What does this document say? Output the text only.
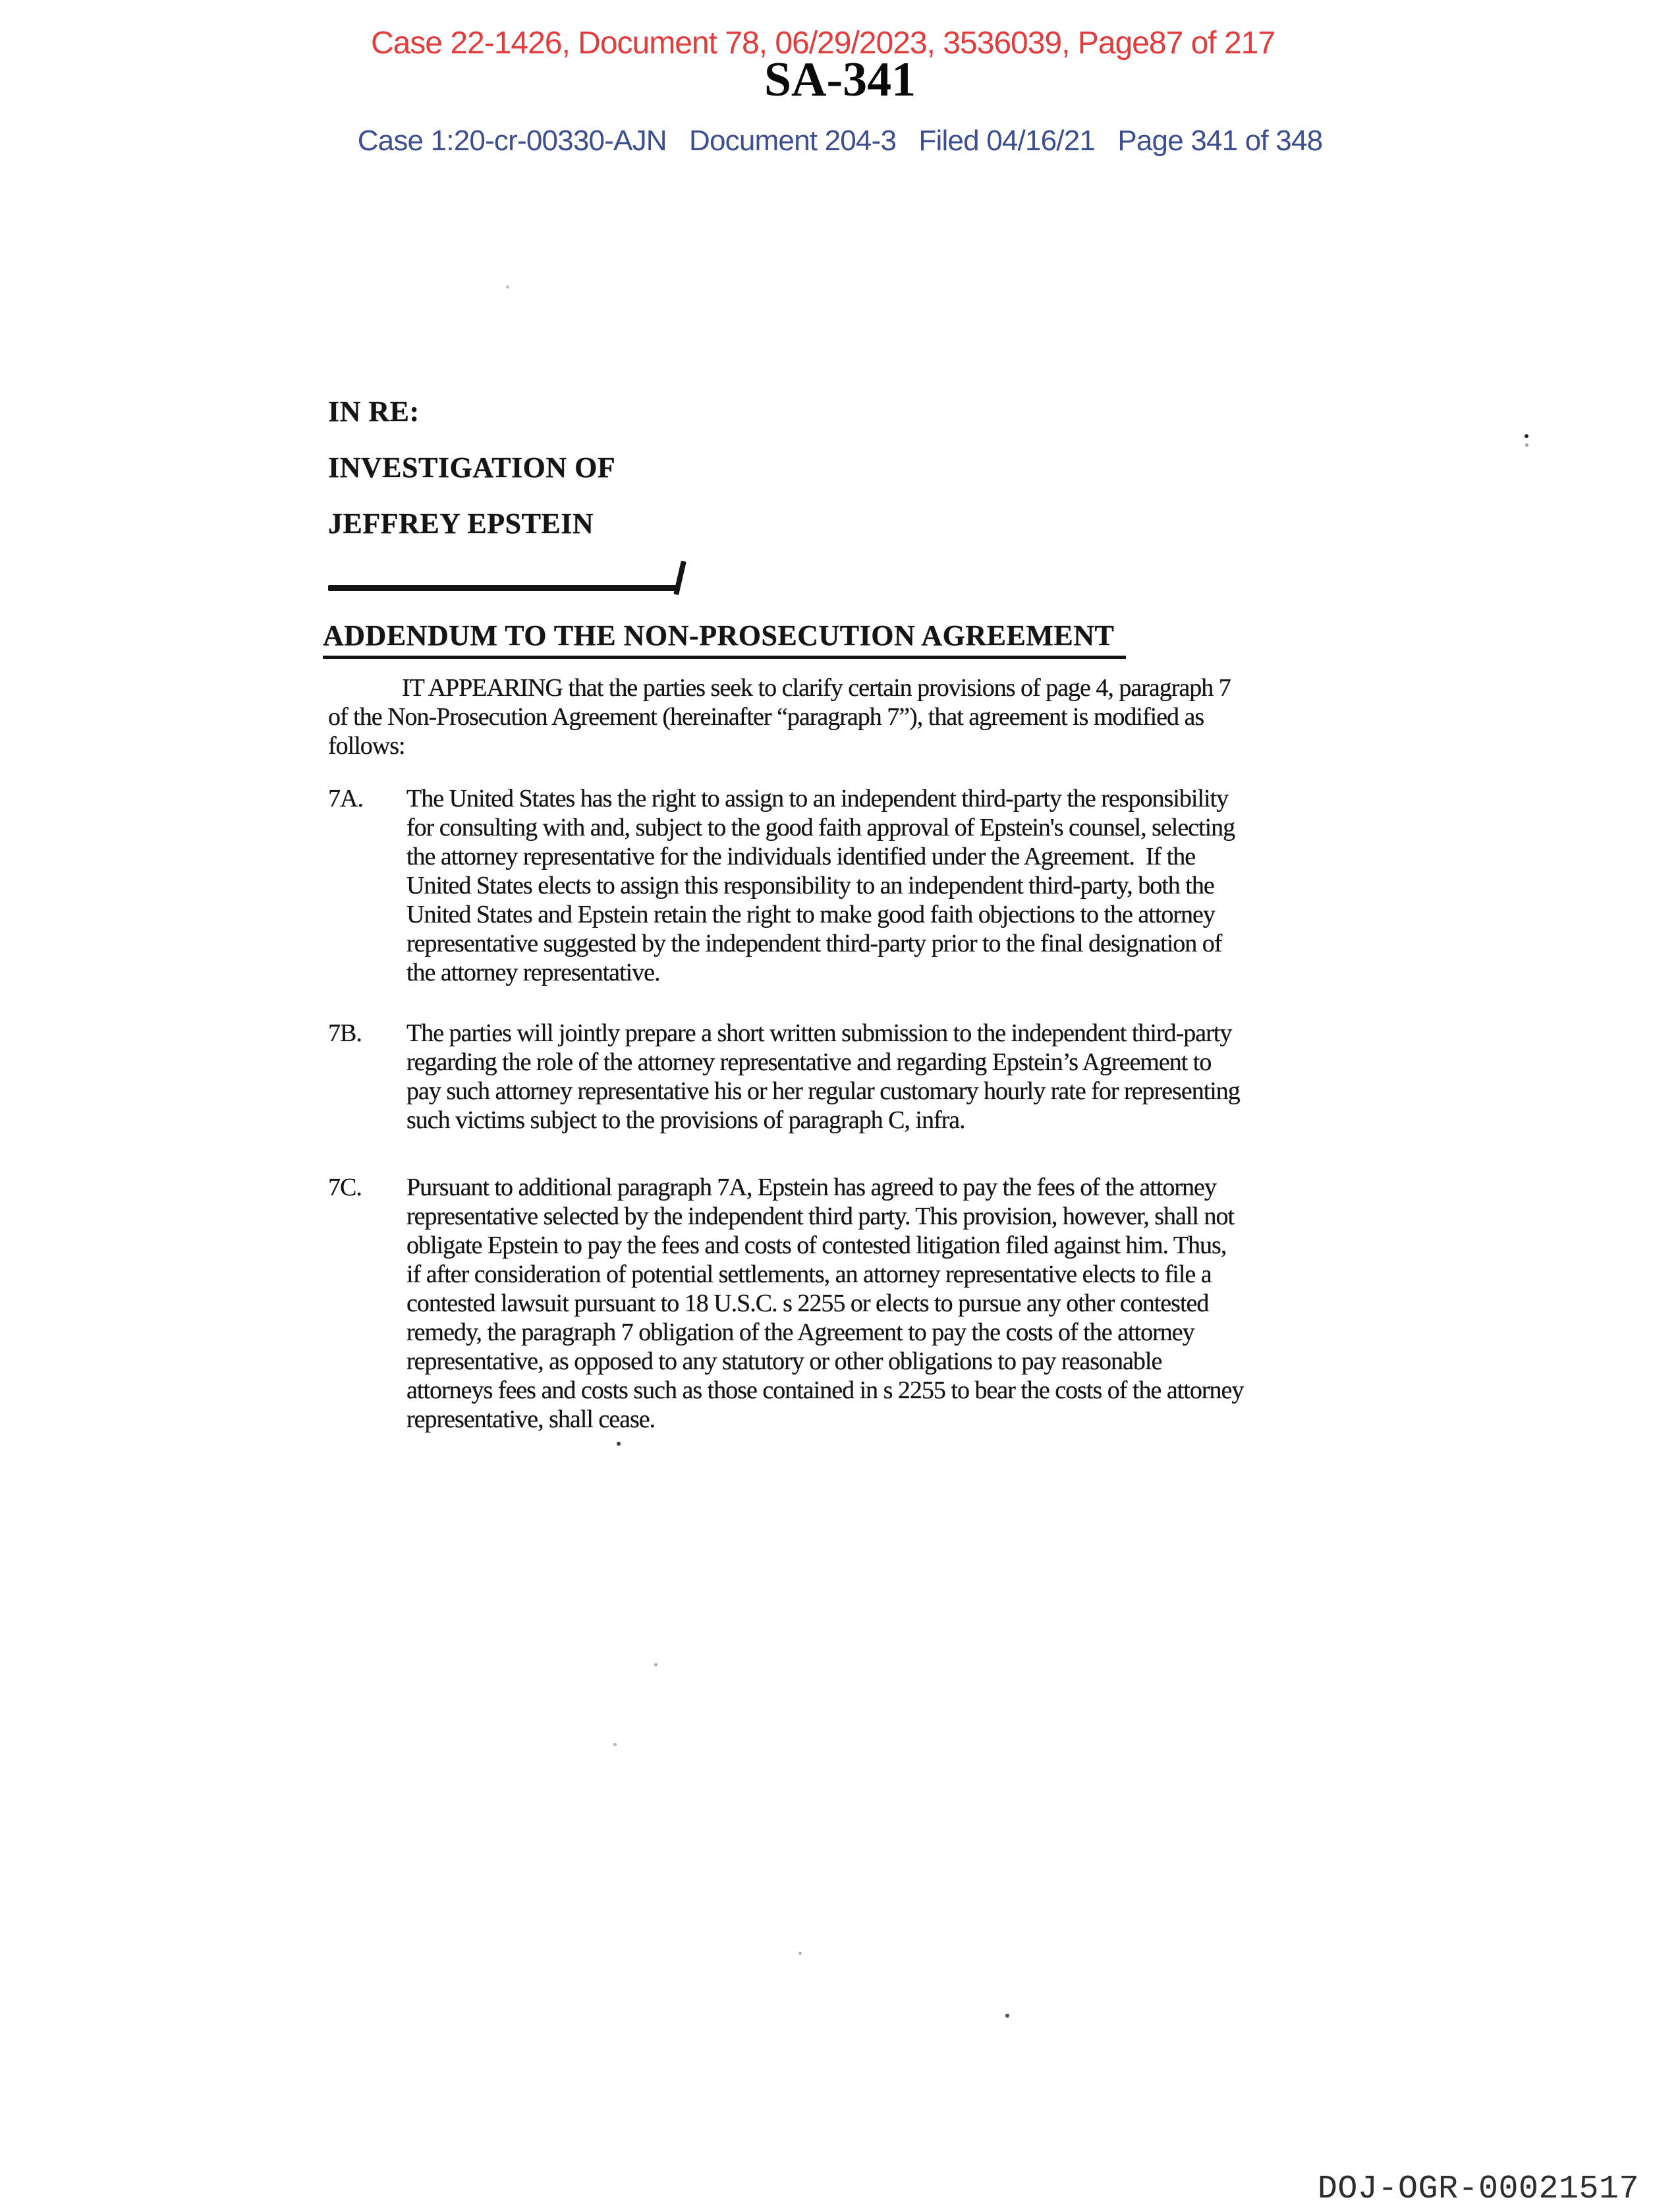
Case 22-1426, Document 78, 06/29/2023, 3536039, Page87 of 217
SA-341
Case 1:20-cr-00330-AJN   Document 204-3   Filed 04/16/21   Page 341 of 348
IN RE:
INVESTIGATION OF
JEFFREY EPSTEIN
ADDENDUM TO THE NON-PROSECUTION AGREEMENT
IT APPEARING that the parties seek to clarify certain provisions of page 4, paragraph 7
of the Non-Prosecution Agreement (hereinafter “paragraph 7”), that agreement is modified as
follows:
7A. The United States has the right to assign to an independent third-party the responsibility
for consulting with and, subject to the good faith approval of Epstein's counsel, selecting
the attorney representative for the individuals identified under the Agreement.  If the
United States elects to assign this responsibility to an independent third-party, both the
United States and Epstein retain the right to make good faith objections to the attorney
representative suggested by the independent third-party prior to the final designation of
the attorney representative.
7B. The parties will jointly prepare a short written submission to the independent third-party
regarding the role of the attorney representative and regarding Epstein’s Agreement to
pay such attorney representative his or her regular customary hourly rate for representing
such victims subject to the provisions of paragraph C, infra.
7C. Pursuant to additional paragraph 7A, Epstein has agreed to pay the fees of the attorney
representative selected by the independent third party. This provision, however, shall not
obligate Epstein to pay the fees and costs of contested litigation filed against him. Thus,
if after consideration of potential settlements, an attorney representative elects to file a
contested lawsuit pursuant to 18 U.S.C. s 2255 or elects to pursue any other contested
remedy, the paragraph 7 obligation of the Agreement to pay the costs of the attorney
representative, as opposed to any statutory or other obligations to pay reasonable
attorneys fees and costs such as those contained in s 2255 to bear the costs of the attorney
representative, shall cease.
DOJ-OGR-00021517
